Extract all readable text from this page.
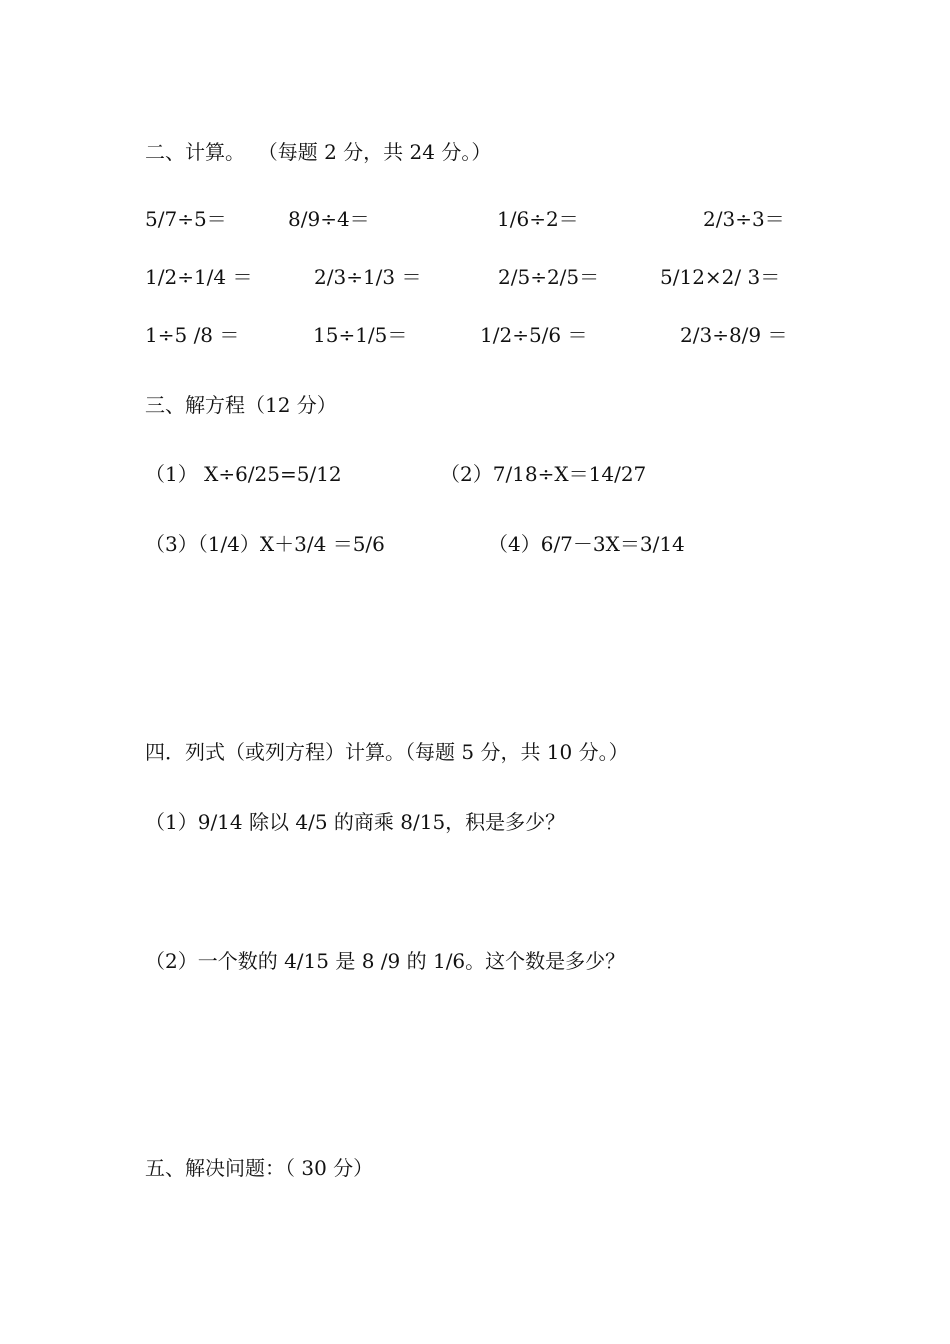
二、计算。  （每题 2 分，共 24 分。）
5/7÷5＝	8/9÷4＝	1/6÷2＝	2/3÷3＝
1/2÷1/4 ＝	2/3÷1/3 ＝	2/5÷2/5＝	5/12×2/ 3＝
1÷5 /8 ＝	15÷1/5＝	1/2÷5/6 ＝	2/3÷8/9 ＝
三、解方程（12 分）
（1） X÷6/25=5/12	（2）7/18÷X＝14/27
（3）（1/4）X＋3/4 ＝5/6	（4）6/7－3X＝3/14
四．列式（或列方程）计算。（每题 5 分，共 10 分。）
（1）9/14 除以 4/5 的商乘 8/15，积是多少？
（2）一个数的 4/15 是 8 /9 的 1/6。这个数是多少？
五、解决问题：（ 30 分）
